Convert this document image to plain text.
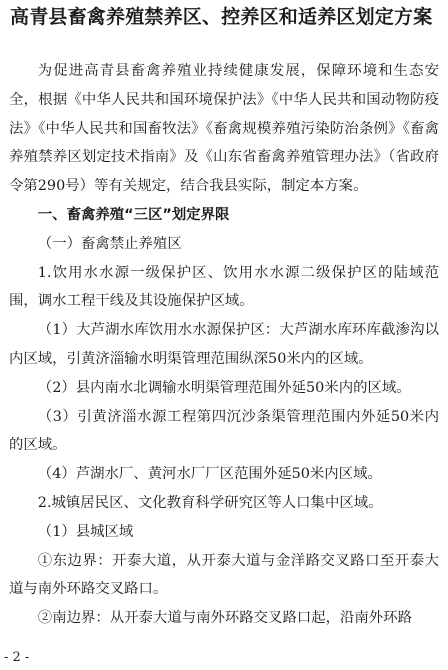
高青县畜禽养殖禁养区、控养区和适养区划定方案

为促进高青县畜禽养殖业持续健康发展，保障环境和生态安全，根据《中华人民共和国环境保护法》《中华人民共和国动物防疫法》《中华人民共和国畜牧法》《畜禽规模养殖污染防治条例》《畜禽养殖禁养区划定技术指南》及《山东省畜禽养殖管理办法》（省政府令第290号）等有关规定，结合我县实际，制定本方案。

一、畜禽养殖“三区”划定界限

（一）畜禽禁止养殖区

1.饮用水水源一级保护区、饮用水水源二级保护区的陆域范围，调水工程干线及其设施保护区域。

（1）大芦湖水库饮用水水源保护区：大芦湖水库环库截渗沟以内区域，引黄济淄输水明渠管理范围纵深50米内的区域。

（2）县内南水北调输水明渠管理范围外延50米内的区域。

（3）引黄济淄水源工程第四沉沙条渠管理范围内外延50米内的区域。

（4）芦湖水厂、黄河水厂厂区范围外延50米内区域。

2.城镇居民区、文化教育科学研究区等人口集中区域。

（1）县城区域

①东边界：开泰大道，从开泰大道与金洋路交叉路口至开泰大道与南外环路交叉路口。

②南边界：从开泰大道与南外环路交叉路口起，沿南外环路

- 2 -
